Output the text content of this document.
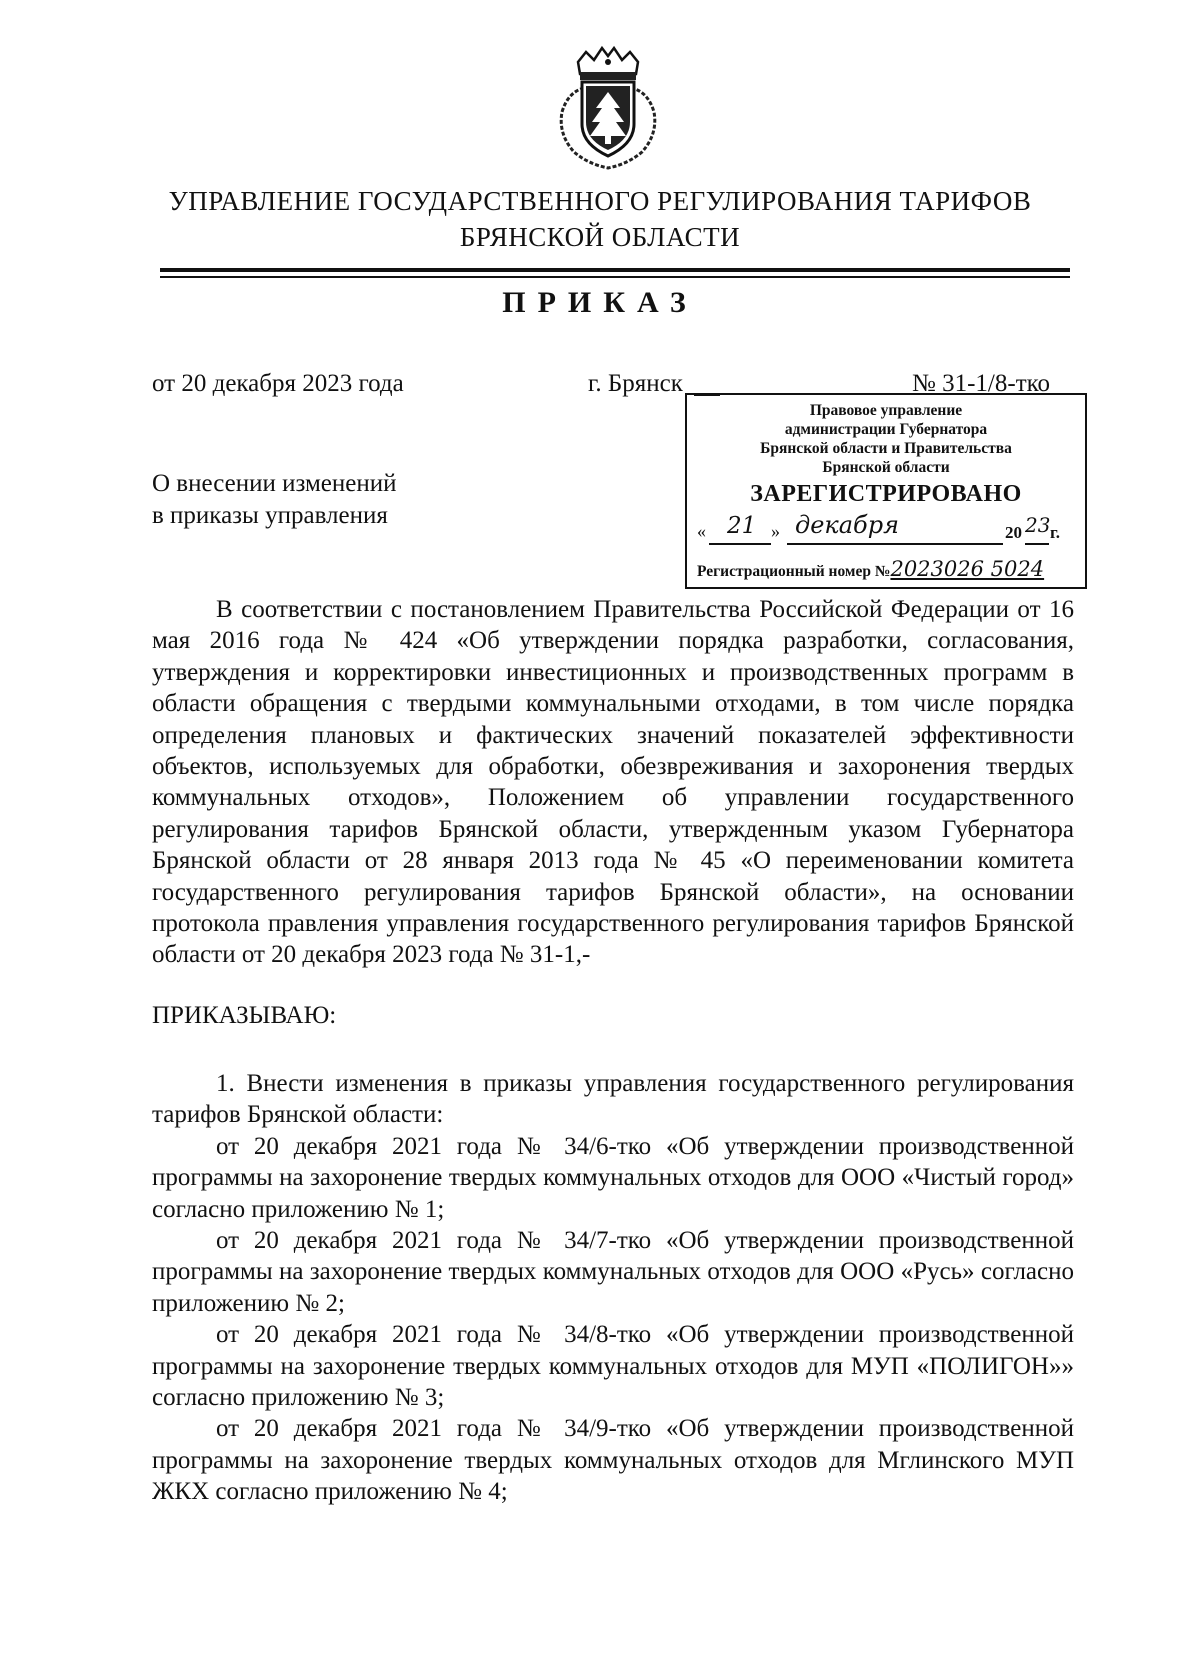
УПРАВЛЕНИЕ ГОСУДАРСТВЕННОГО РЕГУЛИРОВАНИЯ ТАРИФОВ
БРЯНСКОЙ ОБЛАСТИ
ПРИКАЗ
от 20 декабря 2023 года	г. Брянск	№ 31-1/8-тко
Правовое управление
администрации Губернатора
Брянской области и Правительства
Брянской области
ЗАРЕГИСТРИРОВАНО
« 21 » декабря	20 23 г.
Регистрационный номер №2023026 5024
О внесении изменений
в приказы управления
В соответствии с постановлением Правительства Российской Федерации от 16 мая 2016 года № 424 «Об утверждении порядка разработки, согласования, утверждения и корректировки инвестиционных и производственных программ в области обращения с твердыми коммунальными отходами, в том числе порядка определения плановых и фактических значений показателей эффективности объектов, используемых для обработки, обезвреживания и захоронения твердых коммунальных отходов», Положением об управлении государственного регулирования тарифов Брянской области, утвержденным указом Губернатора Брянской области от 28 января 2013 года № 45 «О переименовании комитета государственного регулирования тарифов Брянской области», на основании протокола правления управления государственного регулирования тарифов Брянской области от 20 декабря 2023 года № 31-1,-
ПРИКАЗЫВАЮ:
1. Внести изменения в приказы управления государственного регулирования тарифов Брянской области:
от 20 декабря 2021 года № 34/6-тко «Об утверждении производственной программы на захоронение твердых коммунальных отходов для ООО «Чистый город» согласно приложению № 1;
от 20 декабря 2021 года № 34/7-тко «Об утверждении производственной программы на захоронение твердых коммунальных отходов для ООО «Русь» согласно приложению № 2;
от 20 декабря 2021 года № 34/8-тко «Об утверждении производственной программы на захоронение твердых коммунальных отходов для МУП «ПОЛИГОН»» согласно приложению № 3;
от 20 декабря 2021 года № 34/9-тко «Об утверждении производственной программы на захоронение твердых коммунальных отходов для Мглинского МУП ЖКХ согласно приложению № 4;
